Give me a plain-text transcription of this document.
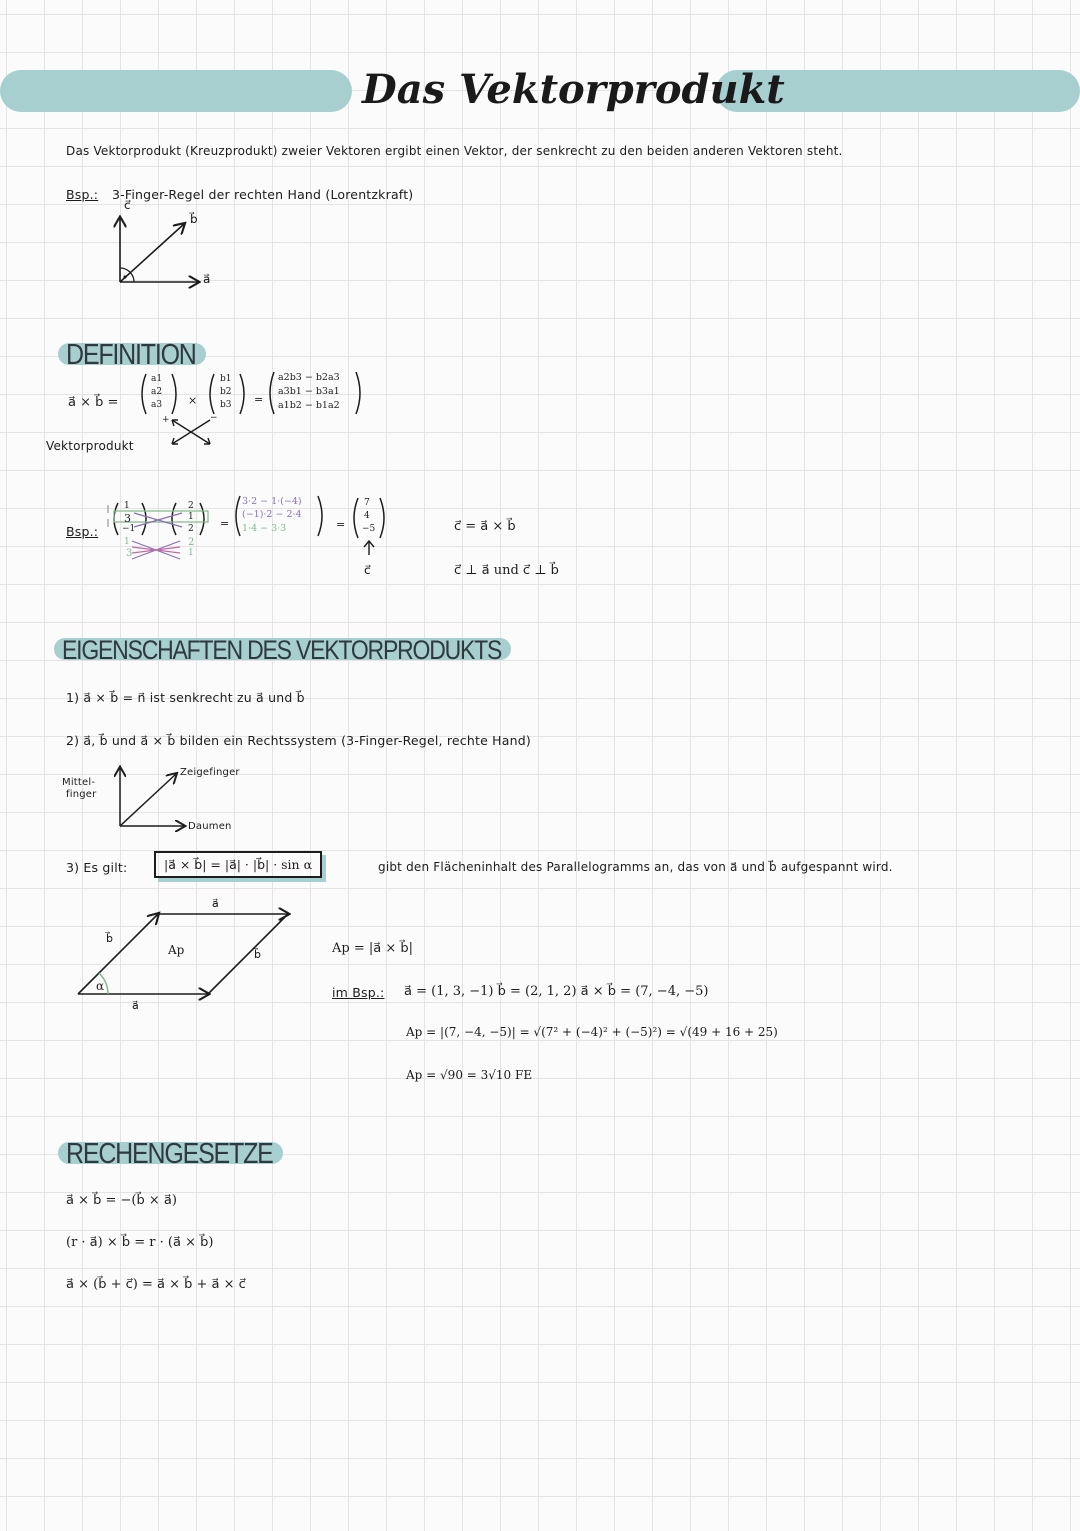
Das Vektorprodukt
Das Vektorprodukt (Kreuzprodukt) zweier Vektoren ergibt einen Vektor, der senkrecht zu den beiden anderen Vektoren steht.
Bsp.: 3-Finger-Regel der rechten Hand (Lorentzkraft)
c⃗
b⃗
a⃗
DEFINITION
a⃗ × b⃗ =
a1
a2
a3 ×
b1
b2
b3 =
a2b3 − b2a3
a3b1 − b3a1
a1b2 − b1a2
+	−
Vektorprodukt
Bsp.:
1
3
−1
2
1
2
1
3
2
1
=
3·2 − 1·(−4)
(−1)·2 − 2·4
1·4 − 3·3	=
7
4
−5
c⃗
c⃗ = a⃗ × b⃗
c⃗ ⊥ a⃗ und c⃗ ⊥ b⃗
EIGENSCHAFTEN DES VEKTORPRODUKTS
1) a⃗ × b⃗ = n⃗ ist senkrecht zu a⃗ und b⃗
2) a⃗, b⃗ und a⃗ × b⃗ bilden ein Rechtssystem (3-Finger-Regel, rechte Hand)
Mittel-
finger
Zeigefinger
Daumen
3) Es gilt:	|a⃗ × b⃗| = |a⃗| · |b⃗| · sin α	gibt den Flächeninhalt des Parallelogramms an, das von a⃗ und b⃗ aufgespannt wird.
a⃗
b⃗
Ap	b⃗
α
a⃗
Ap = |a⃗ × b⃗|
im Bsp.: a⃗ = (1, 3, −1) b⃗ = (2, 1, 2) a⃗ × b⃗ = (7, −4, −5)
Ap = |(7, −4, −5)| = √(7² + (−4)² + (−5)²) = √(49 + 16 + 25)
Ap = √90 = 3√10 FE
RECHENGESETZE
a⃗ × b⃗ = −(b⃗ × a⃗)
(r · a⃗) × b⃗ = r · (a⃗ × b⃗)
a⃗ × (b⃗ + c⃗) = a⃗ × b⃗ + a⃗ × c⃗
